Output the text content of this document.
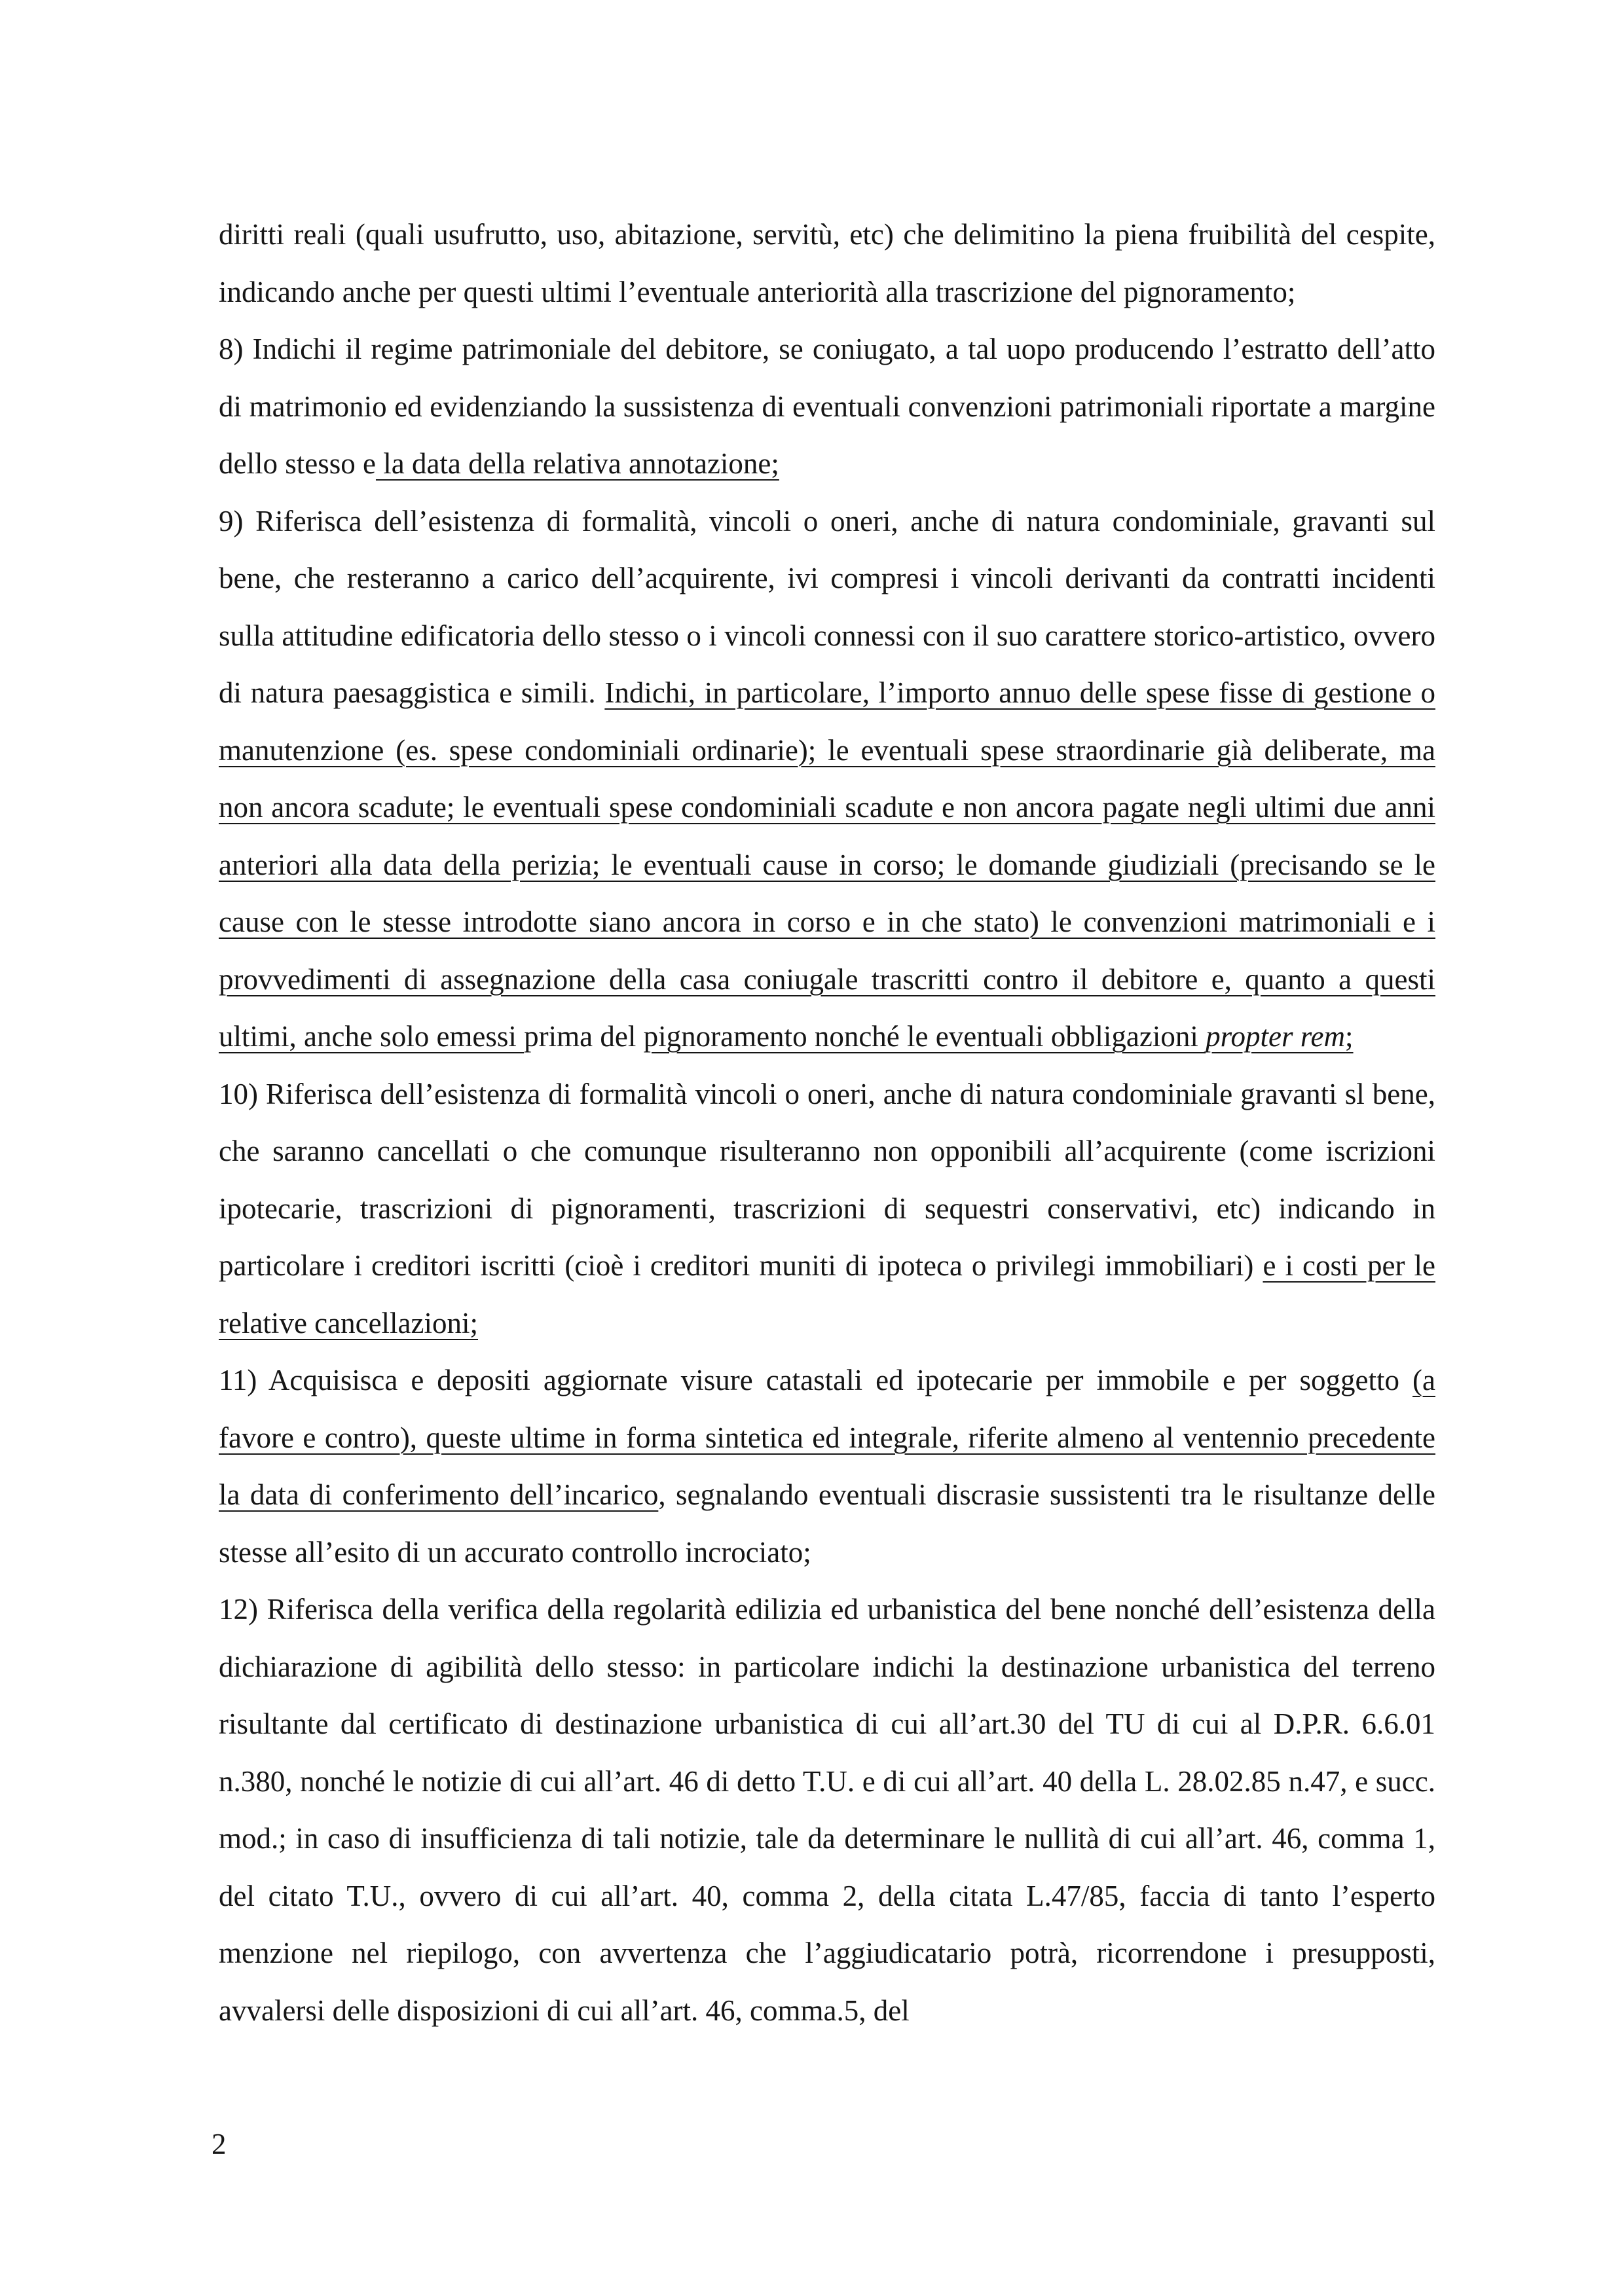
diritti reali (quali usufrutto, uso, abitazione, servitù, etc) che delimitino la piena fruibilità del cespite, indicando anche per questi ultimi l’eventuale anteriorità alla trascrizione del pignoramento;

8) Indichi il regime patrimoniale del debitore, se coniugato, a tal uopo producendo l’estratto dell’atto di matrimonio ed evidenziando la sussistenza di eventuali convenzioni patrimoniali riportate a margine dello stesso e la data della relativa annotazione;

9) Riferisca dell’esistenza di formalità, vincoli o oneri, anche di natura condominiale, gravanti sul bene, che resteranno a carico dell’acquirente, ivi compresi i vincoli derivanti da contratti incidenti sulla attitudine edificatoria dello stesso o i vincoli connessi con il suo carattere storico-artistico, ovvero di natura paesaggistica e simili. Indichi, in particolare, l’importo annuo delle spese fisse di gestione o manutenzione (es. spese condominiali ordinarie); le eventuali spese straordinarie già deliberate, ma non ancora scadute; le eventuali spese condominiali scadute e non ancora pagate negli ultimi due anni anteriori alla data della perizia; le eventuali cause in corso; le domande giudiziali (precisando se le cause con le stesse introdotte siano ancora in corso e in che stato) le convenzioni matrimoniali e i provvedimenti di assegnazione della casa coniugale trascritti contro il debitore e, quanto a questi ultimi, anche solo emessi prima del pignoramento nonché le eventuali obbligazioni propter rem;

10) Riferisca dell’esistenza di formalità vincoli o oneri, anche di natura condominiale gravanti sl bene, che saranno cancellati o che comunque risulteranno non opponibili all’acquirente (come iscrizioni ipotecarie, trascrizioni di pignoramenti, trascrizioni di sequestri conservativi, etc) indicando in particolare i creditori iscritti (cioè i creditori muniti di ipoteca o privilegi immobiliari) e i costi per le relative cancellazioni;

11) Acquisisca e depositi aggiornate visure catastali ed ipotecarie per immobile e per soggetto (a favore e contro), queste ultime in forma sintetica ed integrale, riferite almeno al ventennio precedente la data di conferimento dell’incarico, segnalando eventuali discrasie sussistenti tra le risultanze delle stesse all’esito di un accurato controllo incrociato;

12) Riferisca della verifica della regolarità edilizia ed urbanistica del bene nonché dell’esistenza della dichiarazione di agibilità dello stesso: in particolare indichi la destinazione urbanistica del terreno risultante dal certificato di destinazione urbanistica di cui all’art.30 del TU di cui al D.P.R. 6.6.01 n.380, nonché le notizie di cui all’art. 46 di detto T.U. e di cui all’art. 40 della L. 28.02.85 n.47, e succ. mod.; in caso di insufficienza di tali notizie, tale da determinare le nullità di cui all’art. 46, comma 1, del citato T.U., ovvero di cui all’art. 40, comma 2, della citata L.47/85, faccia di tanto l’esperto menzione nel riepilogo, con avvertenza che l’aggiudicatario potrà, ricorrendone i presupposti, avvalersi delle disposizioni di cui all’art. 46, comma.5, del

2
